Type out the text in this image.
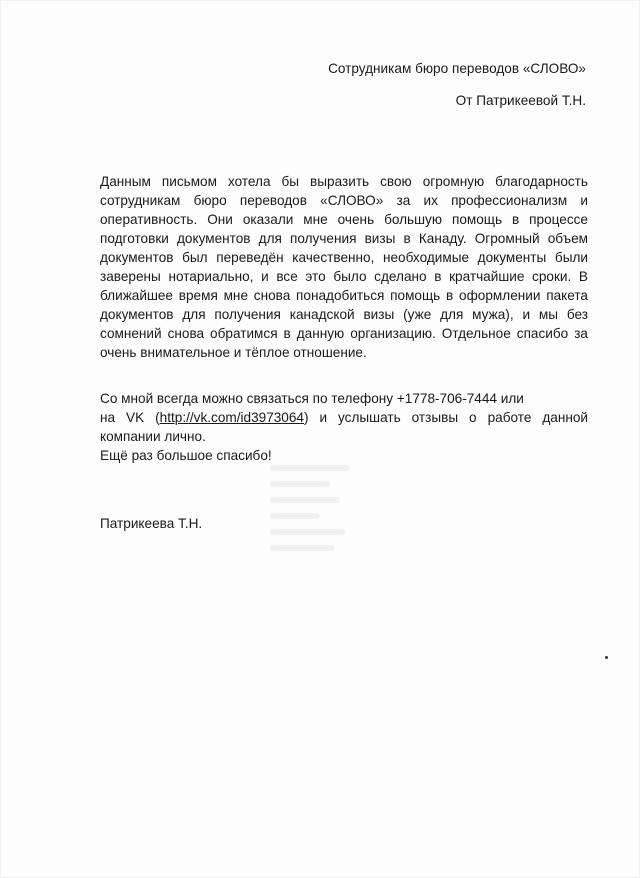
Сотрудникам бюро переводов «СЛОВО»
От Патрикеевой Т.Н.
Данным письмом хотела бы выразить свою огромную благодарность
сотрудникам бюро переводов «СЛОВО» за их профессионализм и
оперативность. Они оказали мне очень большую помощь в процессе
подготовки документов для получения визы в Канаду. Огромный объем
документов был переведён качественно, необходимые документы были
заверены нотариально, и все это было сделано в кратчайшие сроки. В
ближайшее время мне снова понадобиться помощь в оформлении пакета
документов для получения канадской визы (уже для мужа), и мы без
сомнений снова обратимся в данную организацию. Отдельное спасибо за
очень внимательное и тёплое отношение.
Со мной всегда можно связаться по телефону +1778-706-7444 или
на VK (http://vk.com/id3973064) и услышать отзывы о работе данной
компании лично.
Ещё раз большое спасибо!
Патрикеева Т.Н.
